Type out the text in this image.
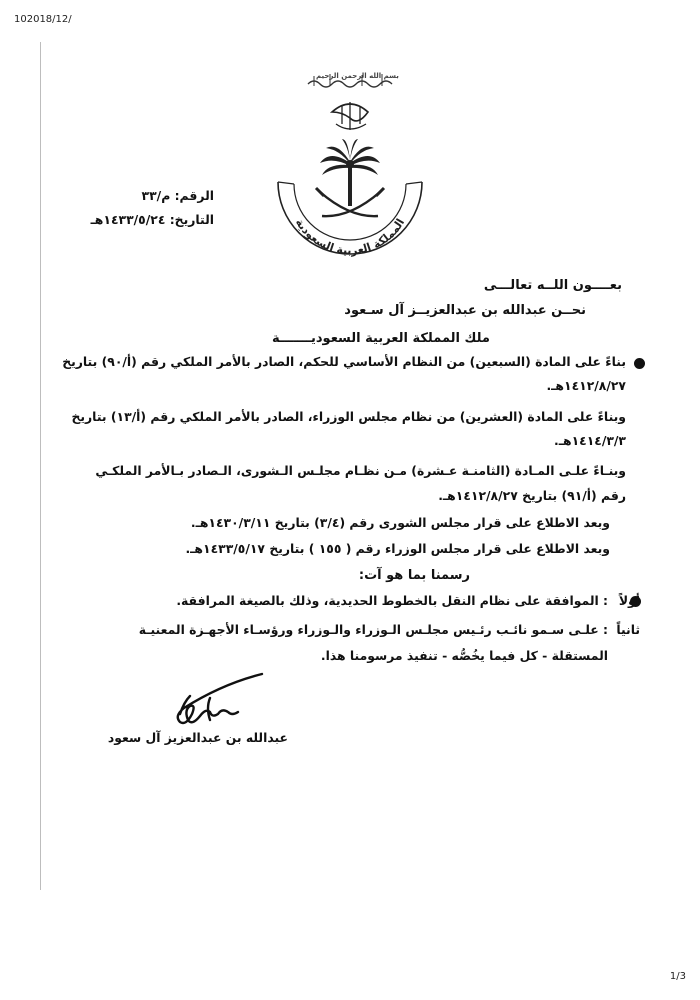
102018/12/
المملكة العربية السعودية
بسم الله الرحمن الرحيم
الرقم: م/٣٣
التاريخ: ١٤٣٣/٥/٢٤هـ
بعــــون اللــه تعالـــى
نحــن عبدالله بن عبدالعزيــز آل سـعود
ملك المملكة العربية السعوديـــــــة
بناءً على المادة (السبعين) من النظام الأساسي للحكم، الصادر بالأمر الملكي رقم (أ/٩٠) بتاريخ
١٤١٢/٨/٢٧هـ.
وبناءً على المادة (العشرين) من نظام مجلس الوزراء، الصادر بالأمر الملكي رقم (أ/١٣) بتاريخ
١٤١٤/٣/٣هـ.
وبنـاءً علـى المـادة (الثامنـة عـشرة) مـن نظـام مجلـس الـشورى، الـصادر بـالأمر الملكـي
رقم (أ/٩١) بتاريخ ١٤١٢/٨/٢٧هـ.
وبعد الاطلاع على قرار مجلس الشورى رقم (٣/٤) بتاريخ ١٤٣٠/٣/١١هـ.
وبعد الاطلاع على قرار مجلس الوزراء رقم ( ١٥٥ ) بتاريخ ١٤٣٣/٥/١٧هـ.
رسمنا بما هو آت:
أولاً
: الموافقة على نظام النقل بالخطوط الحديدية، وذلك بالصيغة المرافقة.
ثانياً
: علـى سـمو نائـب رئـيس مجلـس الـوزراء والـوزراء ورؤسـاء الأجهـزة المعنيـة
المستقلة - كل فيما يخُصُّه - تنفيذ مرسومنا هذا.
عبدالله بن عبدالعزيز آل سعود
1/3
